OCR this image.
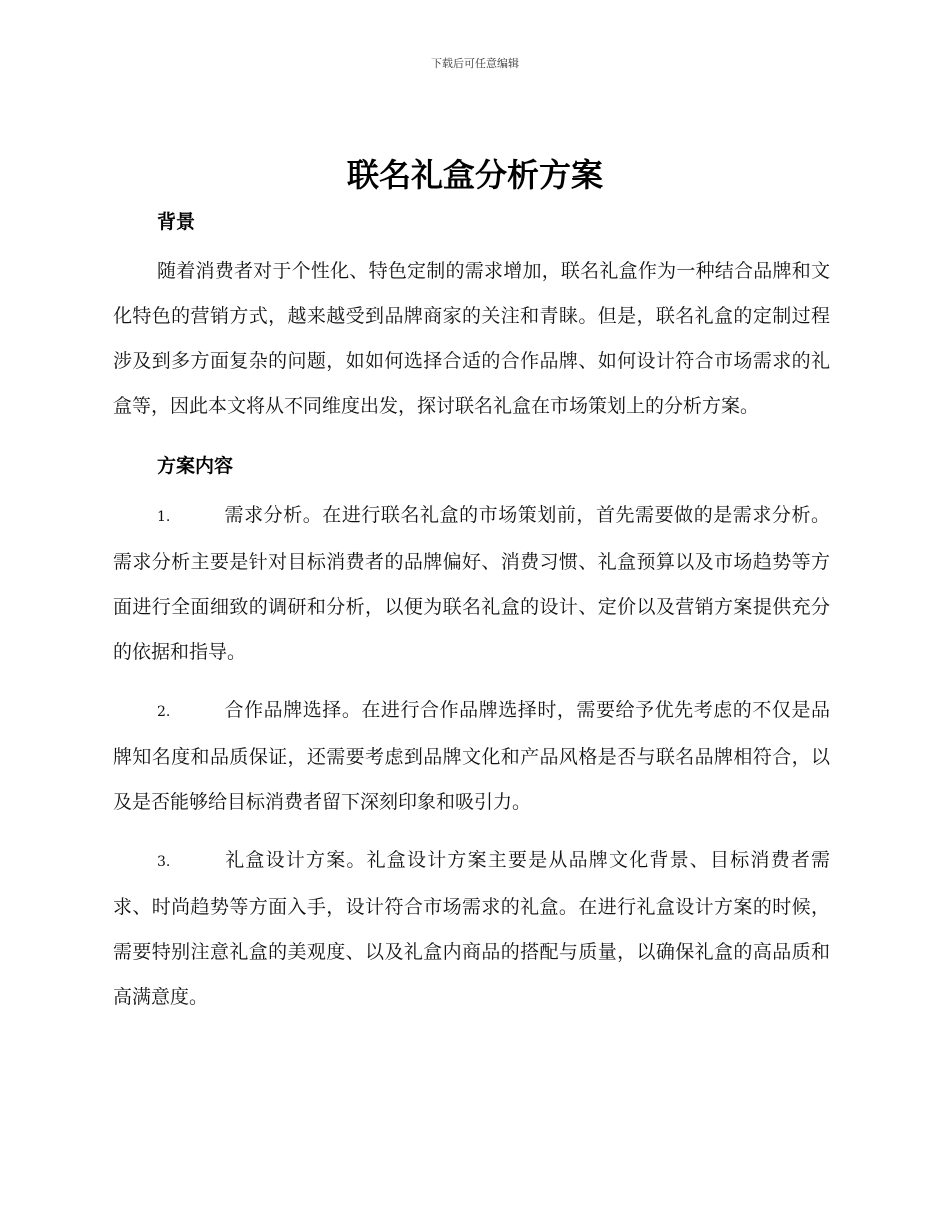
下载后可任意编辑
联名礼盒分析方案
背景

随着消费者对于个性化、特色定制的需求增加，联名礼盒作为一种结合品牌和文化特色的营销方式，越来越受到品牌商家的关注和青睐。但是，联名礼盒的定制过程涉及到多方面复杂的问题，如如何选择合适的合作品牌、如何设计符合市场需求的礼盒等，因此本文将从不同维度出发，探讨联名礼盒在市场策划上的分析方案。

方案内容

1.	需求分析。在进行联名礼盒的市场策划前，首先需要做的是需求分析。需求分析主要是针对目标消费者的品牌偏好、消费习惯、礼盒预算以及市场趋势等方面进行全面细致的调研和分析，以便为联名礼盒的设计、定价以及营销方案提供充分的依据和指导。

2.	合作品牌选择。在进行合作品牌选择时，需要给予优先考虑的不仅是品牌知名度和品质保证，还需要考虑到品牌文化和产品风格是否与联名品牌相符合，以及是否能够给目标消费者留下深刻印象和吸引力。

3.	礼盒设计方案。礼盒设计方案主要是从品牌文化背景、目标消费者需求、时尚趋势等方面入手，设计符合市场需求的礼盒。在进行礼盒设计方案的时候，需要特别注意礼盒的美观度、以及礼盒内商品的搭配与质量，以确保礼盒的高品质和高满意度。
